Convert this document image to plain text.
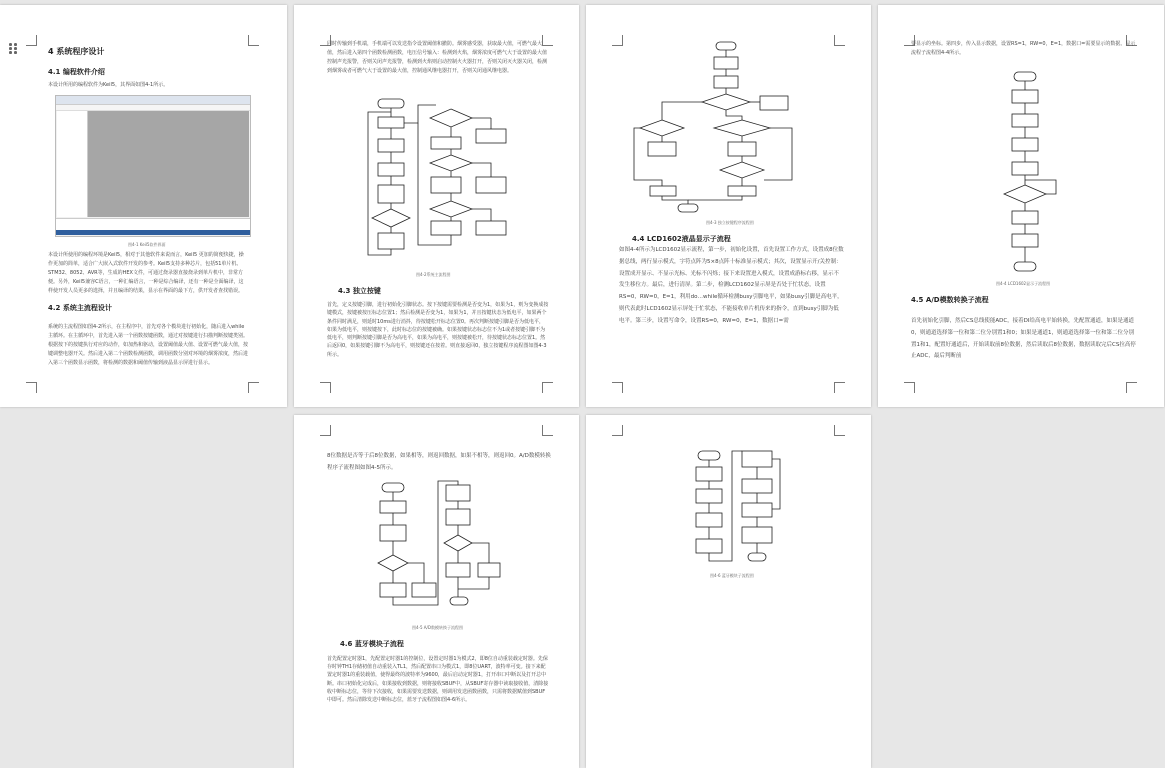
4 系统程序设计
4.1 编程软件介绍
本设计所用的编程软件为Keil5，其界面如图4-1所示。
图4-1 Keil5软件界面
本设计所使用的编程环境是Keil5，相对于其他软件来说而言，Keil5 更加的简便快捷，操作更加的简单，适合广大嵌入式软件开发的参考。Keil5支持多种芯片，包括51单片机、STM32、8052、AVR等，生成的HEX文件，可通过烧录器直接烧录到单片机中，非常方便。另外，Keil5兼容C语言，一种汇编语言，一种是综合编译，还有一种是全面编译，这样使开发人员更多的选择，并且编译的结果，显示在界面的最下方，供开发者查找错误。
4.2 系统主流程设计
系统的主流程图如图4-2所示，在主程序中，首先对各个模块进行初始化，随后进入while主循环。在主循环中，首先进入第一个函数按键函数，通过对按键进行扫描判断按键类别。根据按下的按键执行对应的动作，如加热和驱动，设置阈值最大值、设置可燃气最大值，按键调整电器开关。然后进入第二个函数检测函数，调用函数分别对环境的烟雾浓度，然后进入第三个函数显示函数，将检测的数据和阈值传输到液晶显示屏进行显示。
同时传输到手机端，手机端可以发送指令设置阈值和撤防。烟雾感受器，获取最大值，可燃气最大值，然后进入第四个函数检测函数，电压信号输入：检测到火焰，烟雾浓度可燃气大于设置的最大值控制声光报警，否则关闭声光报警，检测到火焰则启动控制火火器打开，否则关闭灭火器关闭，检测到烟雾或者可燃气大于设置的最大值，控制通风继电器打开，否则关闭通风继电器。
图4-2系统主流程图
4.3 独立按键
首先，定义按键引脚，进行初始化引脚状态。按下按键需要检测是否变为1，如果为1，则为变换成按键模式，按键被按压标志位置1；然后检测是否变为1，如果为1，并且按键状态为低电平，如果两个条件同时满足，则延时10ms进行消抖，待按键松开标志位置0。再次判断按键引脚是否为低电平，如果为低电平，则按键按下，此时标志位的按键被确。如果按键状态标志位不为1或者按键引脚不为低电平，则判断按键引脚是否为高电平，如果为高电平，则按键被松开，待按键状态标志位置1。然后返回0，如果按键引脚不为高电平，则按键还在按着。则直接返回0，独立按键程序流程图如图4-3所示。
图4-3 独立按键程序流程图
4.4 LCD1602液晶显示子流程
如图4-4所示为LCD1602显示流程，第一步，初始化设置，首先设置工作方式，设置成8位数据总线，两行显示模式，字符点阵为5×8点阵十标准显示模式；其次，设置显示开/关控制：设置成开显示、不显示光标、光标不闪烁；接下来设置进入模式，设置成游标右移，显示不发生移位方。最后，进行清屏。第二步，检测LCD1602显示屏是否处于忙状态，设置RS=0，RW=0，E=1，利用do…while循环检测busy引脚电平，如果busy引脚是高电平，则代表此时LCD1602显示屏处于忙状态，不能接收单片机传来的指令，直到busy引脚为低电平。第三步，设置写命令，设置RS=0，RW=0，E=1，数据口=需
要显示的坐标。第四步，传入显示数据，设置RS=1，RW=0，E=1，数据口=需要显示的数据。显示流程子流程图4-4所示。
图4-4 LCD1602显示子流程图
4.5 A/D模数转换子流程
首先初始化引脚，然后CS总线使能ADC，接着DI给高电平始转换，先配置通道，如果是通道0，则通道选择第一位和第二位分别置1和0；如果是通道1，则通道选择第一位和第二位分别置1和1，配置好通道后，开始读取前8位数据，然后读取后8位数据，数据读取完后CS拉高停止ADC，最后判断前
8位数据是否等于后8位数据，如果相等，则返回数据，如果不相等，则返回0。A/D数模转换程序子流程图如图4-5所示。
图4-5 A/D数模转换子流程图
4.6 蓝牙模块子流程
首先配置定时器1，先配置定时器1的控制位，设置定时器1为模式2，即8位自动重装载定时器。先保存时钟TH1存储初值自动重装入TL1，然后配置串口为模式1，即8位UART，波特率可变。接下来配置定时器1的重装载值，使得最终的波特率为9600，最后启动定时器1，打开串口中断以及打开总中断。串口初始化完成后，如果接收到数据，则将接收SBUF中，从SBUF寄存器中读取接收值，清除接收中断标志位，等待下次接收，如果需要发送数据，则调用发送函数函数，只需将数据赋值到SBUF中即可。然后清除发送中断标志位，蓝牙子流程图如图4-6所示。
图4-6 蓝牙模块子流程图
